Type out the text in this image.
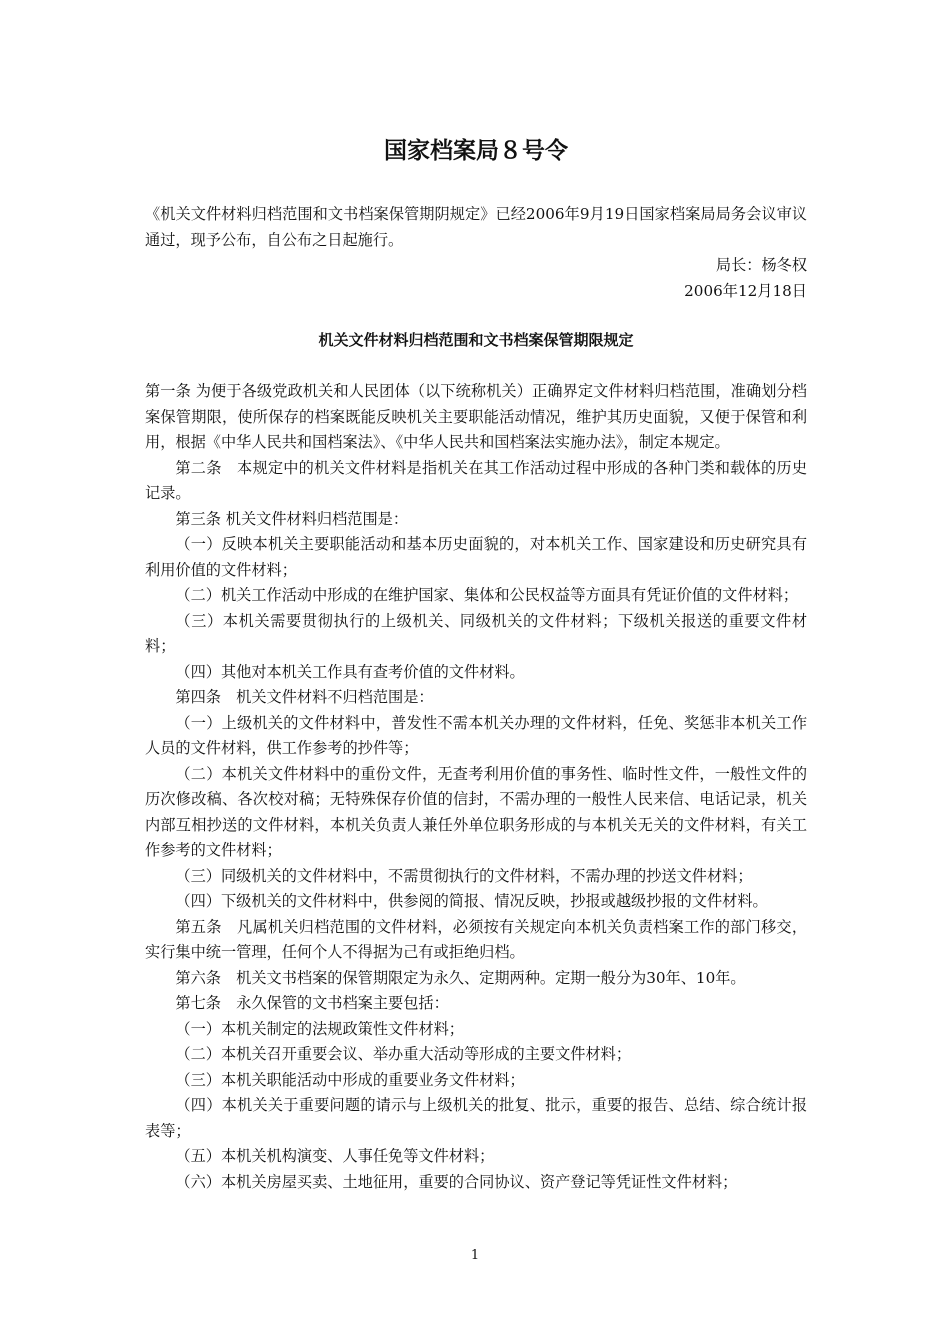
国家档案局８号令

《机关文件材料归档范围和文书档案保管期阴规定》已经2006年9月19日国家档案局局务会议审议通过，现予公布，自公布之日起施行。

局长：杨冬权

2006年12月18日

机关文件材料归档范围和文书档案保管期限规定

第一条 为便于各级党政机关和人民团体（以下统称机关）正确界定文件材料归档范围，准确划分档案保管期限，使所保存的档案既能反映机关主要职能活动情况，维护其历史面貌，又便于保管和利用，根据《中华人民共和国档案法》、《中华人民共和国档案法实施办法》，制定本规定。

第二条　本规定中的机关文件材料是指机关在其工作活动过程中形成的各种门类和载体的历史记录。

第三条 机关文件材料归档范围是：

（一）反映本机关主要职能活动和基本历史面貌的，对本机关工作、国家建设和历史研究具有利用价值的文件材料；

（二）机关工作活动中形成的在维护国家、集体和公民权益等方面具有凭证价值的文件材料；

（三）本机关需要贯彻执行的上级机关、同级机关的文件材料；下级机关报送的重要文件材料；

（四）其他对本机关工作具有查考价值的文件材料。

第四条　机关文件材料不归档范围是：

（一）上级机关的文件材料中，普发性不需本机关办理的文件材料，任免、奖惩非本机关工作人员的文件材料，供工作参考的抄件等；

（二）本机关文件材料中的重份文件，无查考利用价值的事务性、临时性文件，一般性文件的历次修改稿、各次校对稿；无特殊保存价值的信封，不需办理的一般性人民来信、电话记录，机关内部互相抄送的文件材料，本机关负责人兼任外单位职务形成的与本机关无关的文件材料，有关工作参考的文件材料；

（三）同级机关的文件材料中，不需贯彻执行的文件材料，不需办理的抄送文件材料；

（四）下级机关的文件材料中，供参阅的简报、情况反映，抄报或越级抄报的文件材料。

第五条　凡属机关归档范围的文件材料，必须按有关规定向本机关负责档案工作的部门移交，实行集中统一管理，任何个人不得据为己有或拒绝归档。

第六条　机关文书档案的保管期限定为永久、定期两种。定期一般分为30年、10年。

第七条　永久保管的文书档案主要包括：

（一）本机关制定的法规政策性文件材料；

（二）本机关召开重要会议、举办重大活动等形成的主要文件材料；

（三）本机关职能活动中形成的重要业务文件材料；

（四）本机关关于重要问题的请示与上级机关的批复、批示，重要的报告、总结、综合统计报表等；

（五）本机关机构演变、人事任免等文件材料；

（六）本机关房屋买卖、土地征用，重要的合同协议、资产登记等凭证性文件材料；

1
